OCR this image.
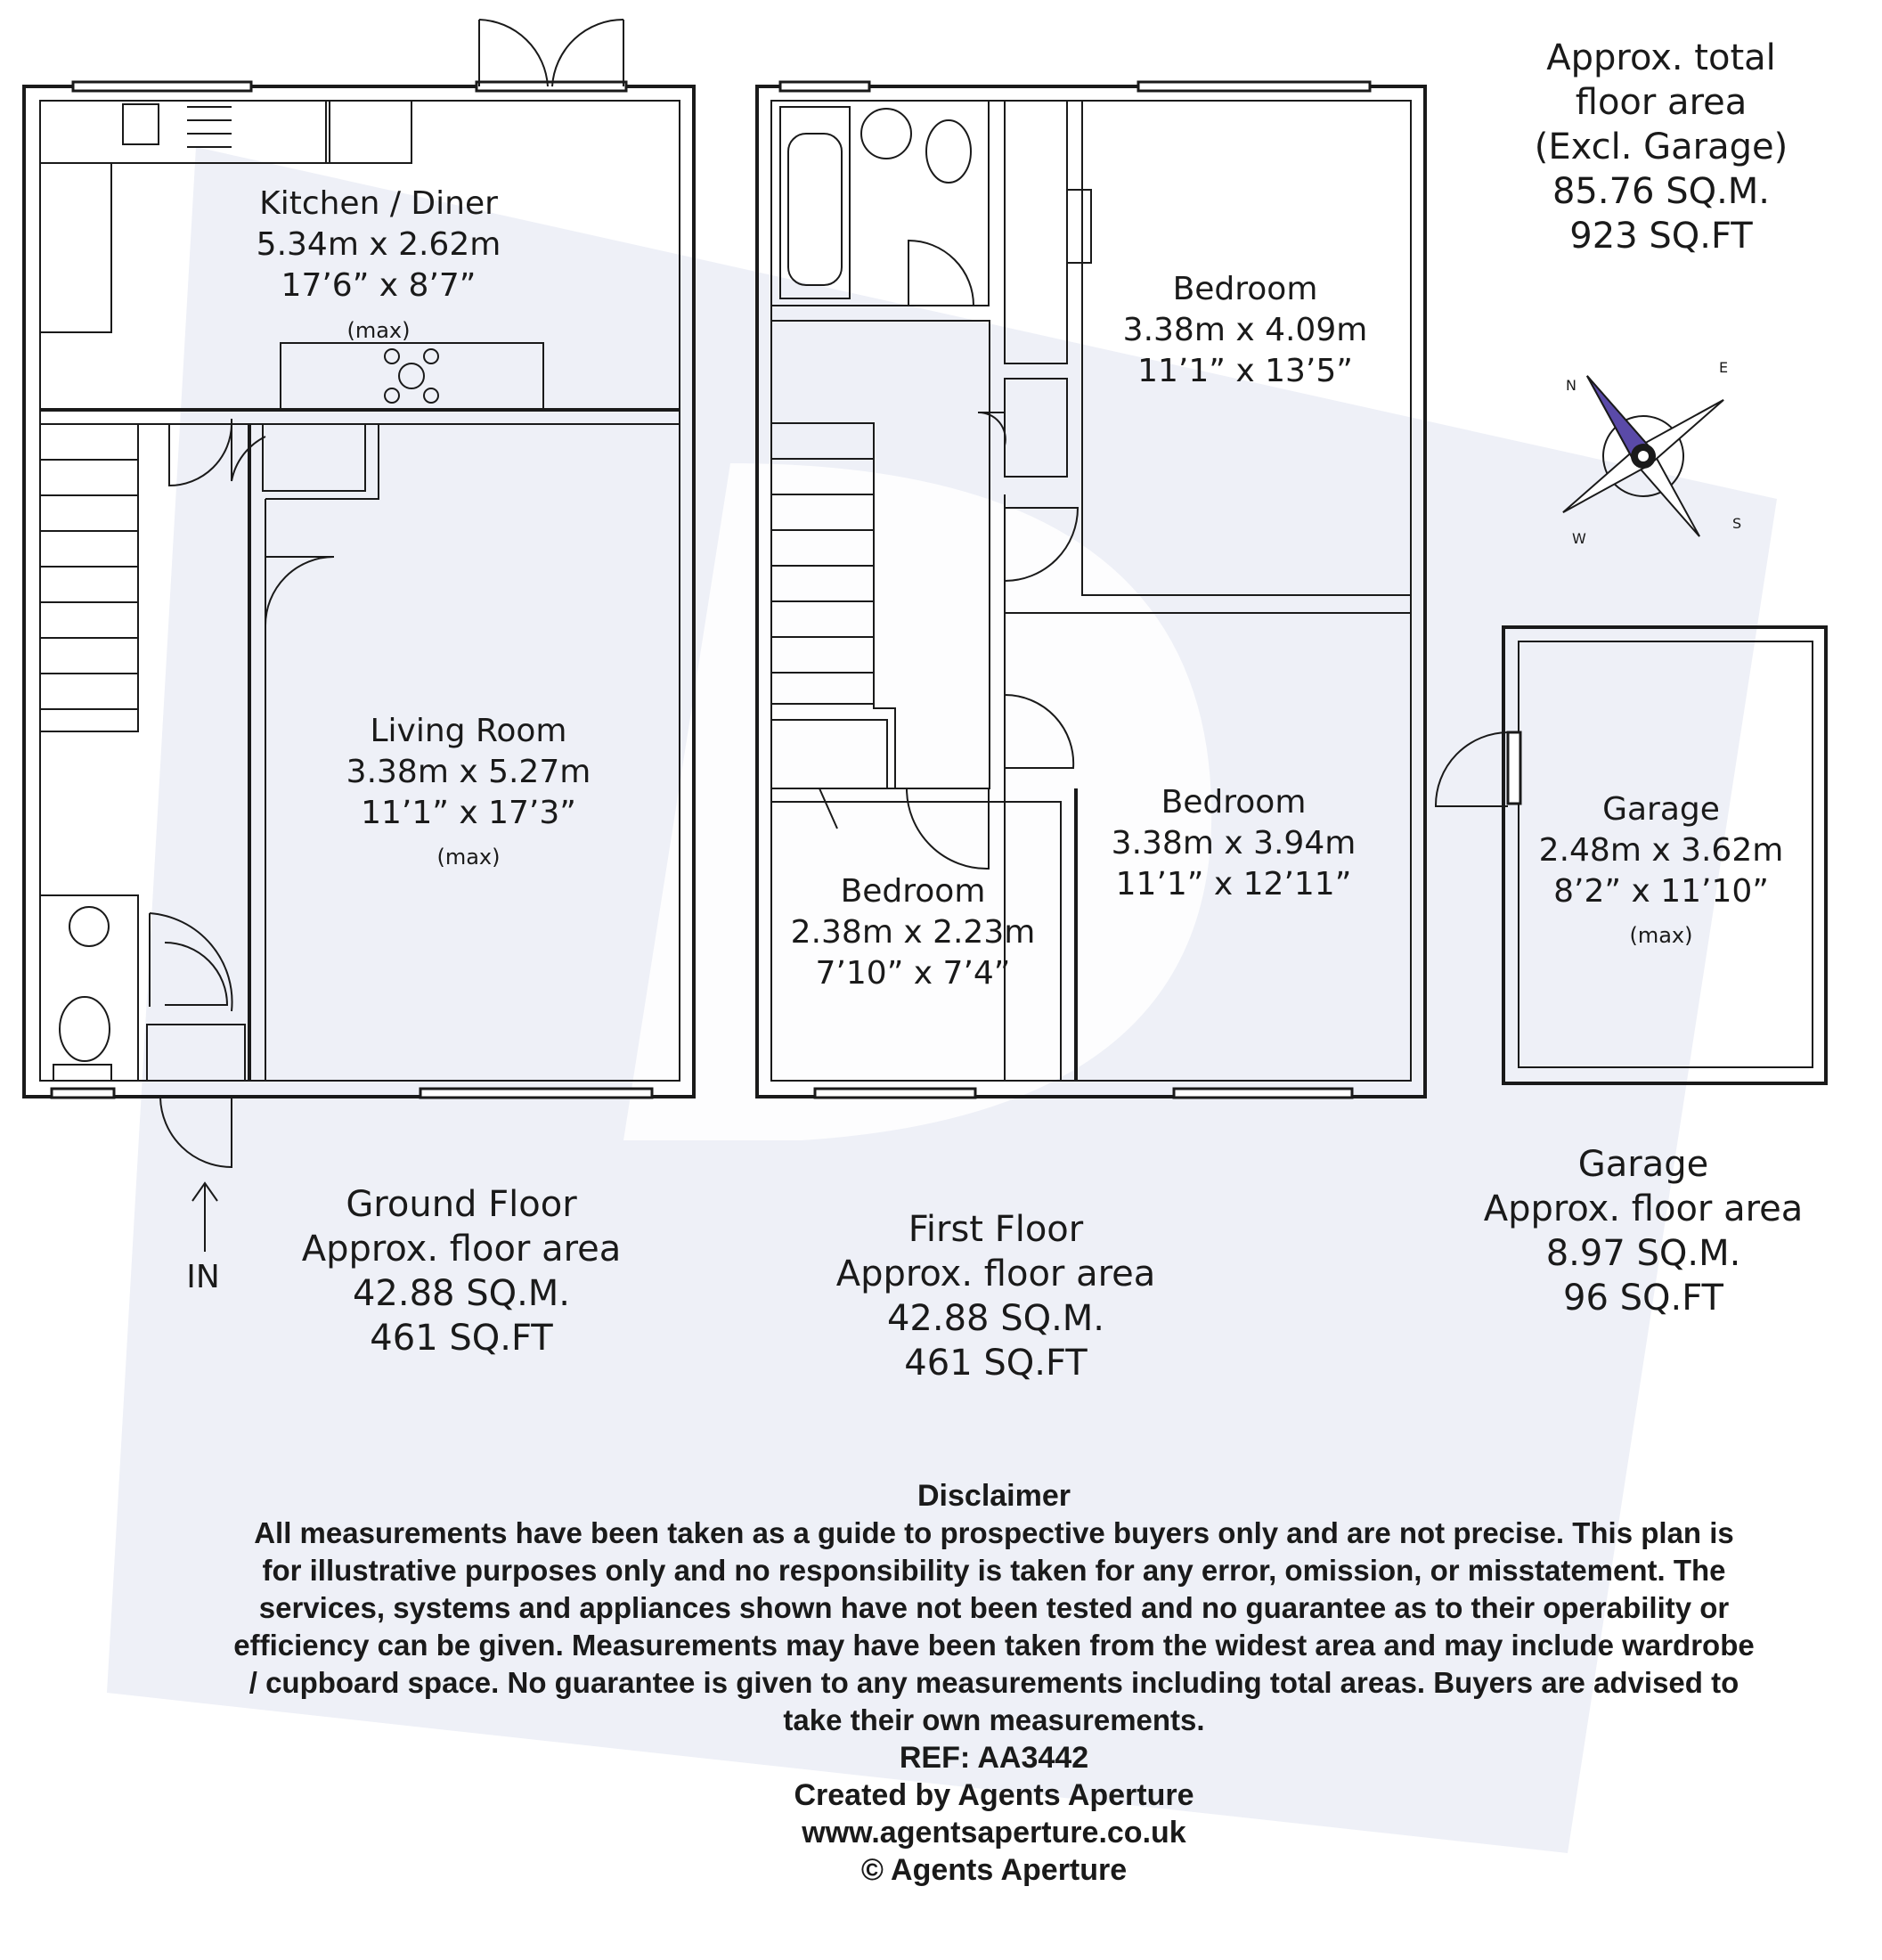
N
E
S
W
Kitchen / Diner
5.34m x 2.62m
17’6” x 8’7”
(max)
Living Room
3.38m x 5.27m
11’1” x 17’3”
(max)
Bedroom
3.38m x 4.09m
11’1” x 13’5”
Bedroom
3.38m x 3.94m
11’1” x 12’11”
Bedroom
2.38m x 2.23m
7’10” x 7’4”
Garage
2.48m x 3.62m
8’2” x 11’10”
(max)
IN
Approx. total
floor area
(Excl. Garage)
85.76 SQ.M.
923 SQ.FT
Ground Floor
Approx. floor area
42.88 SQ.M.
461 SQ.FT
First Floor
Approx. floor area
42.88 SQ.M.
461 SQ.FT
Garage
Approx. floor area
8.97 SQ.M.
96 SQ.FT
Disclaimer
All measurements have been taken as a guide to prospective buyers only and are not precise. This plan is
for illustrative purposes only and no responsibility is taken for any error, omission, or misstatement. The
services, systems and appliances shown have not been tested and no guarantee as to their operability or
efficiency can be given. Measurements may have been taken from the widest area and may include wardrobe
/ cupboard space. No guarantee is given to any measurements including total areas. Buyers are advised to
take their own measurements.
REF: AA3442
Created by Agents Aperture
www.agentsaperture.co.uk
© Agents Aperture
